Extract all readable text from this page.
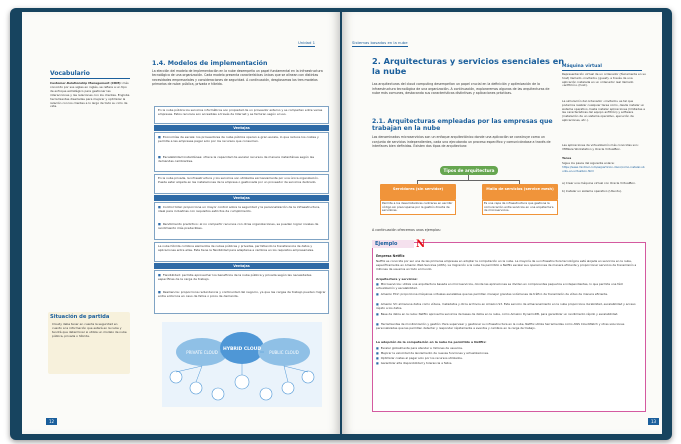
Unidad 1
Vocabulario
Customer-Relationship Management (CRM): más conocido por sus siglas en inglés, se refiere a un tipo de enfoque estratégico para gestionar las interacciones y las relaciones con los clientes. Engloba herramientas diseñadas para mejorar y optimizar la relación con los clientes a lo largo de todo su ciclo de vida.
Situación de partida
Cloudy debe tener en cuenta la seguridad en cuanto a la información que estará en la nube y tendrá que determinar si utiliza un modelo de nube pública, privada o híbrida.
1.4. Modelos de implementación
La elección del modelo de implementación en la nube desempeña un papel fundamental en la infraestructura tecnológica de una organización. Cada modelo presenta características únicas que se alinean con distintas necesidades empresariales y consideraciones de seguridad. A continuación, desglosamos los tres modelos primarios de nube: pública, privada e híbrida.
En la nube pública los servicios informáticos son propiedad de un proveedor externo y se comparten entre varias empresas. Estos recursos son accesibles a través de Internet y se facturan según el uso.
Ventajas
■ Economías de escala: los proveedores de nube pública operan a gran escala, lo que reduce los costes y permite a las empresas pagar solo por los recursos que consumen.
■ Escalabilidad instantánea: ofrece la capacidad de escalar recursos de manera instantánea según las demandas cambiantes.
En la nube privada, la infraestructura y los servicios son utilizados exclusivamente por una única organización. Puede estar alojada en las instalaciones de la empresa o gestionada por un proveedor de servicios dedicado.
Ventajas
■ Control total: proporciona un mayor control sobre la seguridad y la personalización de la infraestructura, ideal para industrias con requisitos estrictos de cumplimiento.
■ Rendimiento predictivo: al no compartir recursos con otras organizaciones, se pueden lograr niveles de rendimiento más predecibles.
La nube híbrida combina elementos de nubes públicas y privadas, permitiendo la transferencia de datos y aplicaciones entre ellas. Esta tiene la flexibilidad para adaptarse a cambios en los requisitos empresariales.
Ventajas
■ Flexibilidad: permite aprovechar los beneficios de la nube pública y privada según las necesidades específicas de la carga de trabajo.
■ Resiliencia: proporciona redundancia y continuidad del negocio, ya que las cargas de trabajo pueden migrar entre entornos en caso de fallos o picos de demanda.
PRIVATE CLOUD
HYBRID CLOUD
PUBLIC CLOUD
12
Sistemas basados en la nube
2. Arquitecturas y servicios esenciales en la nube
Las arquitecturas del cloud computing desempeñan un papel crucial en la definición y optimización de la infraestructura tecnológica de una organización. A continuación, exploraremos algunas de las arquitecturas de nube más comunes, destacando sus características distintivas y aplicaciones prácticas.
2.1. Arquitecturas empleadas por las empresas que trabajan en la nube
Los denominados microservicios son un enfoque arquitectónico donde una aplicación se construye como un conjunto de servicios independientes, cada uno ejecutando un proceso específico y comunicándose a través de interfaces bien definidas. Existen dos tipos de arquitectura:
Tipos de arquitectura
Servidores (sin servidor)
Permite a los desarrolladores centrarse en escribir código sin preocuparse por la gestión directa de servidores.
Malla de servicios (service mesh)
Es una capa de infraestructura que gestiona la comunicación entre servicios en una arquitectura de microservicios.
A continuación ofrecemos unos ejemplos:
Ejemplo	N
Empresa Netflix
Netflix es conocida por ser una de las primeras empresas en adoptar la computación en la nube. La mayoría de su infraestructura tecnológica está alojada en servicios en la nube, específicamente en Amazon Web Services (AWS). La migración a la nube ha permitido a Netflix escalar sus operaciones de manera eficiente y proporcionar servicios de transmisión a millones de usuarios en todo el mundo.
Arquitectura y servicios:
■ Microservicios: utiliza una arquitectura basada en microservicios, donde las aplicaciones se dividen en componentes pequeños e independientes, lo que permite una fácil actualización y escalabilidad.
■ Amazon EC2: proporciona máquinas virtuales escalables que les permiten manejar grandes volúmenes de tráfico de transmisión de vídeo de manera eficiente.
■ Amazon S3: almacena datos como vídeos, metadatos y otros archivos en Amazon S3. Este servicio de almacenamiento en la nube proporciona durabilidad, escalabilidad y acceso rápido a los datos.
■ Base de datos en la nube: Netflix aprovecha servicios de bases de datos en la nube, como Amazon DynamoDB, para garantizar un rendimiento rápido y escalabilidad.
■ Herramientas de monitorización y gestión: Para supervisar y gestionar su infraestructura en la nube, Netflix utiliza herramientas como AWS CloudWatch y otras soluciones personalizadas que les permiten detectar y responder rápidamente a eventos y cambios en la carga de trabajo.
La adopción de la computación en la nube ha permitido a Netflix:
■ Escalar globalmente para atender a millones de usuarios.
■ Mejorar la velocidad de lanzamiento de nuevas funciones y actualizaciones.
■ Optimizar costes al pagar solo por los recursos utilizados.
■ Garantizar alta disponibilidad y tolerancia a fallos.
Máquina virtual
Representación virtual de un ordenador (físicamente en su host) llamado «invitado» (guest), a través de una aplicación instalada en un ordenador real llamado «anfitrión» (host).
La simulación del ordenador «invitado» es tal que podemos realizar cualquier tarea como, desde instalar un sistema operativo, hasta instalar aplicaciones (limitadas a las características del equipo anfitrión) y software (instalación de un sistema operativo, ejecución de aplicaciones, etc.).
Las aplicaciones de virtualización más conocidas son: VMWare Workstation y Oracle VirtualBox.
Tarea
Sigue los pasos del siguiente enlace:
https://www.minitool.com/es/particion-disco/como-instalar-ubuntu-en-virtualbox.html
a) Crear una máquina virtual con Oracle VirtualBox.
b) Instalar un sistema operativo (Ubuntu).
13
